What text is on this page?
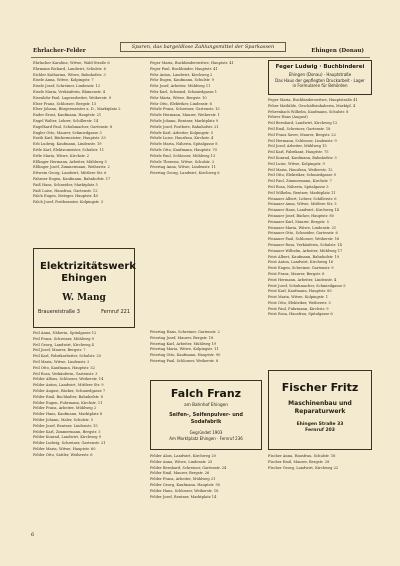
Ehrlacher–Felder
Sparen, das bargeldlose Zahlungsmittel der Sparkassen
Ehingen (Donau)

Ehrlacher Karoline, Witwe, Wald-Straße 6

Ehrmann Richard, Landwirt, Schulstr. 6

Eichler Katharina, Witwe, Bahnhofstr. 3

Eisele Anna, Witwe, Kolpingstr. 7

Eisele Josef, Schreiner, Lindenstr. 12

Eisele Maria, Verkäuferin, Blumenstr. 4

Eisenlohr Paul, Lagerarbeiter, Weiherstr. 9

Elser Franz, Schlosser, Bergstr. 15

Elser Johann, Bürgermeister a. D., Marktplatz 2

Ender Ernst, Kaufmann, Hauptstr. 21

Engel Walter, Lehrer, Schillerstr. 14

Engelhard Paul, Schuhmacher, Gartenstr. 8

Engler Otto, Maurer, Schmiedgasse 3

Erath Karl, Bäckermeister, Hauptstr. 33

Erb Ludwig, Kaufmann, Lindenstr. 19

Ertle Karl, Elektromeister, Schulstr. 11

Ertle Maria, Witwe, Kirchstr. 2

Eßlinger Hermann, Arbeiter, Mühlweg 5

Eßlinger Josef, Zimmermann, Weiherstr. 2

Ettwein Georg, Landwirt, Mittlere Str. 6

Fahrner Eugen, Kaufmann, Bahnhofstr. 17

Faiß Hans, Schneider, Marktplatz 5

Faiß Luise, Hausfrau, Gartenstr. 12

Falch Eugen, Metzger, Hauptstr. 40

Falch Josef, Postbeamter, Kolpingstr. 3

Elektrizitätswerk Ehingen
W. Mang
Brauereistraße 3	Fernruf 221

Feil Anna, Näherin, Spitalgasse 12

Feil Franz, Schreiner, Mühlweg 9

Feil Georg, Landwirt, Kirchweg 4

Feil Josef, Maurer, Bergstr. 7

Feil Karl, Fabrikarbeiter, Schulstr. 20

Feil Maria, Witwe, Lindenstr. 2

Feil Otto, Kaufmann, Hauptstr. 52

Feil Rosa, Verkäuferin, Gartenstr. 3

Felder Alfons, Schlosser, Weiherstr. 14

Felder Anton, Landwirt, Mittlere Str. 9

Felder August, Bäcker, Schmiedgasse 7

Felder Emil, Buchhalter, Bahnhofstr. 8

Felder Eugen, Fuhrmann, Kirchstr. 11

Felder Franz, Arbeiter, Mühlweg 2

Felder Hans, Kaufmann, Marktplatz 8

Felder Johann, Maler, Schulstr. 5

Felder Josef, Rentner, Lindenstr. 15

Felder Karl, Zimmermann, Bergstr. 3

Felder Konrad, Landwirt, Kirchweg 9

Felder Ludwig, Schreiner, Gartenstr. 21

Felder Maria, Witwe, Hauptstr. 60

Felder Otto, Sattler, Weiherstr. 6

Feger Maria, Buchbinderswitwe, Hauptstr. 41

Feger Paul, Buchbinder, Hauptstr. 41

Fehr Anton, Landwirt, Kirchweg 2

Fehr Eugen, Kaufmann, Schulstr. 9

Fehr Josef, Arbeiter, Mühlweg 11

Fehr Karl, Schmied, Schmiedgasse 1

Fehr Maria, Witwe, Bergstr. 10

Fehr Otto, Elektriker, Lindenstr. 6

Fehrle Franz, Schreiner, Gartenstr. 15

Fehrle Hermann, Maurer, Weiherstr. 1

Fehrle Johann, Rentner, Marktplatz 9

Fehrle Josef, Postbote, Bahnhofstr. 21

Fehrle Karl, Arbeiter, Kolpingstr. 5

Fehrle Luise, Hausfrau, Kirchstr. 4

Fehrle Maria, Näherin, Spitalgasse 8

Fehrle Otto, Kaufmann, Hauptstr. 70

Fehrle Paul, Schlosser, Mühlweg 13

Fehrle Theresia, Witwe, Schulstr. 2

Feiertag Anna, Witwe, Lindenstr. 11

Feiertag Georg, Landwirt, Kirchweg 6

Feger Ludwig · Buchbinderei
Ehingen (Donau) · Hauptstraße
Das Haus der gepflegten Druckarbeit · Lager in Formularen für Behörden

Feger Maria, Buchbinderswitwe, Hauptstraße 41

Feher Mathilde, Geschäftsinhaberin, Marktpl. 4

Fehrenbach Wilhelm, Kaufmann, Schulstr. 8

Fehrer Hans (August)

Feil Bernhard, Landwirt, Kirchweg 12

Feil Emil, Schreiner, Gartenstr. 18

Feil Franz Xaver, Maurer, Bergstr. 22

Feil Hermann, Schlosser, Lindenstr. 9

Feil Josef, Arbeiter, Mühlweg 15

Feil Karl, Fabrikant, Hauptstr. 75

Feil Konrad, Kaufmann, Bahnhofstr. 3

Feil Luise, Witwe, Kolpingstr. 9

Feil Maria, Hausfrau, Weiherstr. 12

Feil Otto, Elektriker, Schmiedgasse 9

Feil Paul, Zimmermann, Kirchstr. 7

Feil Rosa, Näherin, Spitalgasse 3

Feil Wilhelm, Rentner, Marktplatz 11

Feinauer Albert, Lehrer, Schillerstr. 6

Feinauer Anna, Witwe, Mittlere Str. 3

Feinauer Hans, Landwirt, Kirchweg 14

Feinauer Josef, Bäcker, Hauptstr. 80

Feinauer Karl, Maurer, Bergstr. 5

Feinauer Maria, Witwe, Lindenstr. 21

Feinauer Otto, Schneider, Gartenstr. 6

Feinauer Paul, Schlosser, Weiherstr. 16

Feinauer Rosa, Verkäuferin, Schulstr. 14

Feinauer Wilhelm, Arbeiter, Mühlweg 17

Feist Albert, Kaufmann, Bahnhofstr. 19

Feist Anton, Landwirt, Kirchweg 16

Feist Eugen, Schreiner, Gartenstr. 9

Feist Franz, Maurer, Bergstr. 8

Feist Hermann, Arbeiter, Lindenstr. 4

Feist Josef, Schuhmacher, Schmiedgasse 5

Feist Karl, Kaufmann, Hauptstr. 85

Feist Maria, Witwe, Kolpingstr. 1

Feist Otto, Elektriker, Weiherstr. 3

Feist Paul, Fuhrmann, Kirchstr. 9

Feist Rosa, Hausfrau, Spitalgasse 6

Feiertag Hans, Schreiner, Gartenstr. 2

Feiertag Josef, Maurer, Bergstr. 18

Feiertag Karl, Arbeiter, Mühlweg 19

Feiertag Maria, Witwe, Kolpingstr. 11

Feiertag Otto, Kaufmann, Hauptstr. 90

Feiertag Paul, Schlosser, Weiherstr. 8

Falch Franz
am Bahnhof Ehingen
Seifen-, Seifenpulver- und Sodafabrik
Gegründet 1903
Am Marktplatz Ehingen · Fernruf 236

Felder Alois, Landwirt, Kirchweg 20

Felder Anna, Witwe, Lindenstr. 25

Felder Bernhard, Schreiner, Gartenstr. 24

Felder Emil, Maurer, Bergstr. 26

Felder Franz, Arbeiter, Mühlweg 21

Felder Georg, Kaufmann, Hauptstr. 95

Felder Hans, Schlosser, Weiherstr. 18

Felder Josef, Rentner, Marktplatz 14

Fischer Fritz
Maschinenbau und Reparaturwerk
Ehingen Straße 33
Fernruf 203

Fischer Anna, Hausfrau, Schulstr. 16

Fischer Emil, Maurer, Bergstr. 28

Fischer Georg, Landwirt, Kirchweg 22

6
